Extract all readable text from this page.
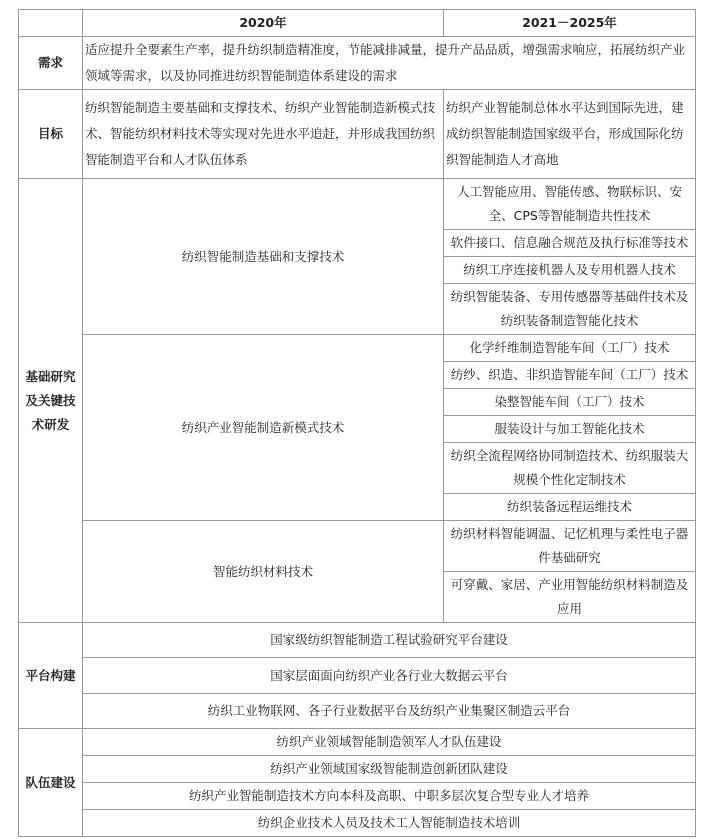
	2020年	2021－2025年
需求	适应提升全要素生产率，提升纺织制造精准度，节能减排减量，提升产品品质，增强需求响应，拓展纺织产业领域等需求，以及协同推进纺织智能制造体系建设的需求	
目标	纺织智能制造主要基础和支撑技术、纺织产业智能制造新模式技术、智能纺织材料技术等实现对先进水平追赶，并形成我国纺织智能制造平台和人才队伍体系	纺织产业智能制总体水平达到国际先进，建成纺织智能制造国家级平台，形成国际化纺织智能制造人才高地
基础研究及关键技术研发	纺织智能制造基础和支撑技术	人工智能应用、智能传感、物联标识、安全、CPS等智能制造共性技术
		软件接口、信息融合规范及执行标准等技术
		纺织工序连接机器人及专用机器人技术
		纺织智能装备、专用传感器等基础件技术及纺织装备制造智能化技术
	纺织产业智能制造新模式技术	化学纤维制造智能车间（工厂）技术
		纺纱、织造、非织造智能车间（工厂）技术
		染整智能车间（工厂）技术
		服装设计与加工智能化技术
		纺织全流程网络协同制造技术、纺织服装大规模个性化定制技术
		纺织装备远程运维技术
	智能纺织材料技术	纺织材料智能调温、记忆机理与柔性电子器件基础研究
		可穿戴、家居、产业用智能纺织材料制造及应用
平台构建	国家级纺织智能制造工程试验研究平台建设	
	国家层面面向纺织产业各行业大数据云平台	
	纺织工业物联网、各子行业数据平台及纺织产业集聚区制造云平台	
队伍建设	纺织产业领域智能制造领军人才队伍建设	
	纺织产业领域国家级智能制造创新团队建设	
	纺织产业智能制造技术方向本科及高职、中职多层次复合型专业人才培养	
	纺织企业技术人员及技术工人智能制造技术培训	
